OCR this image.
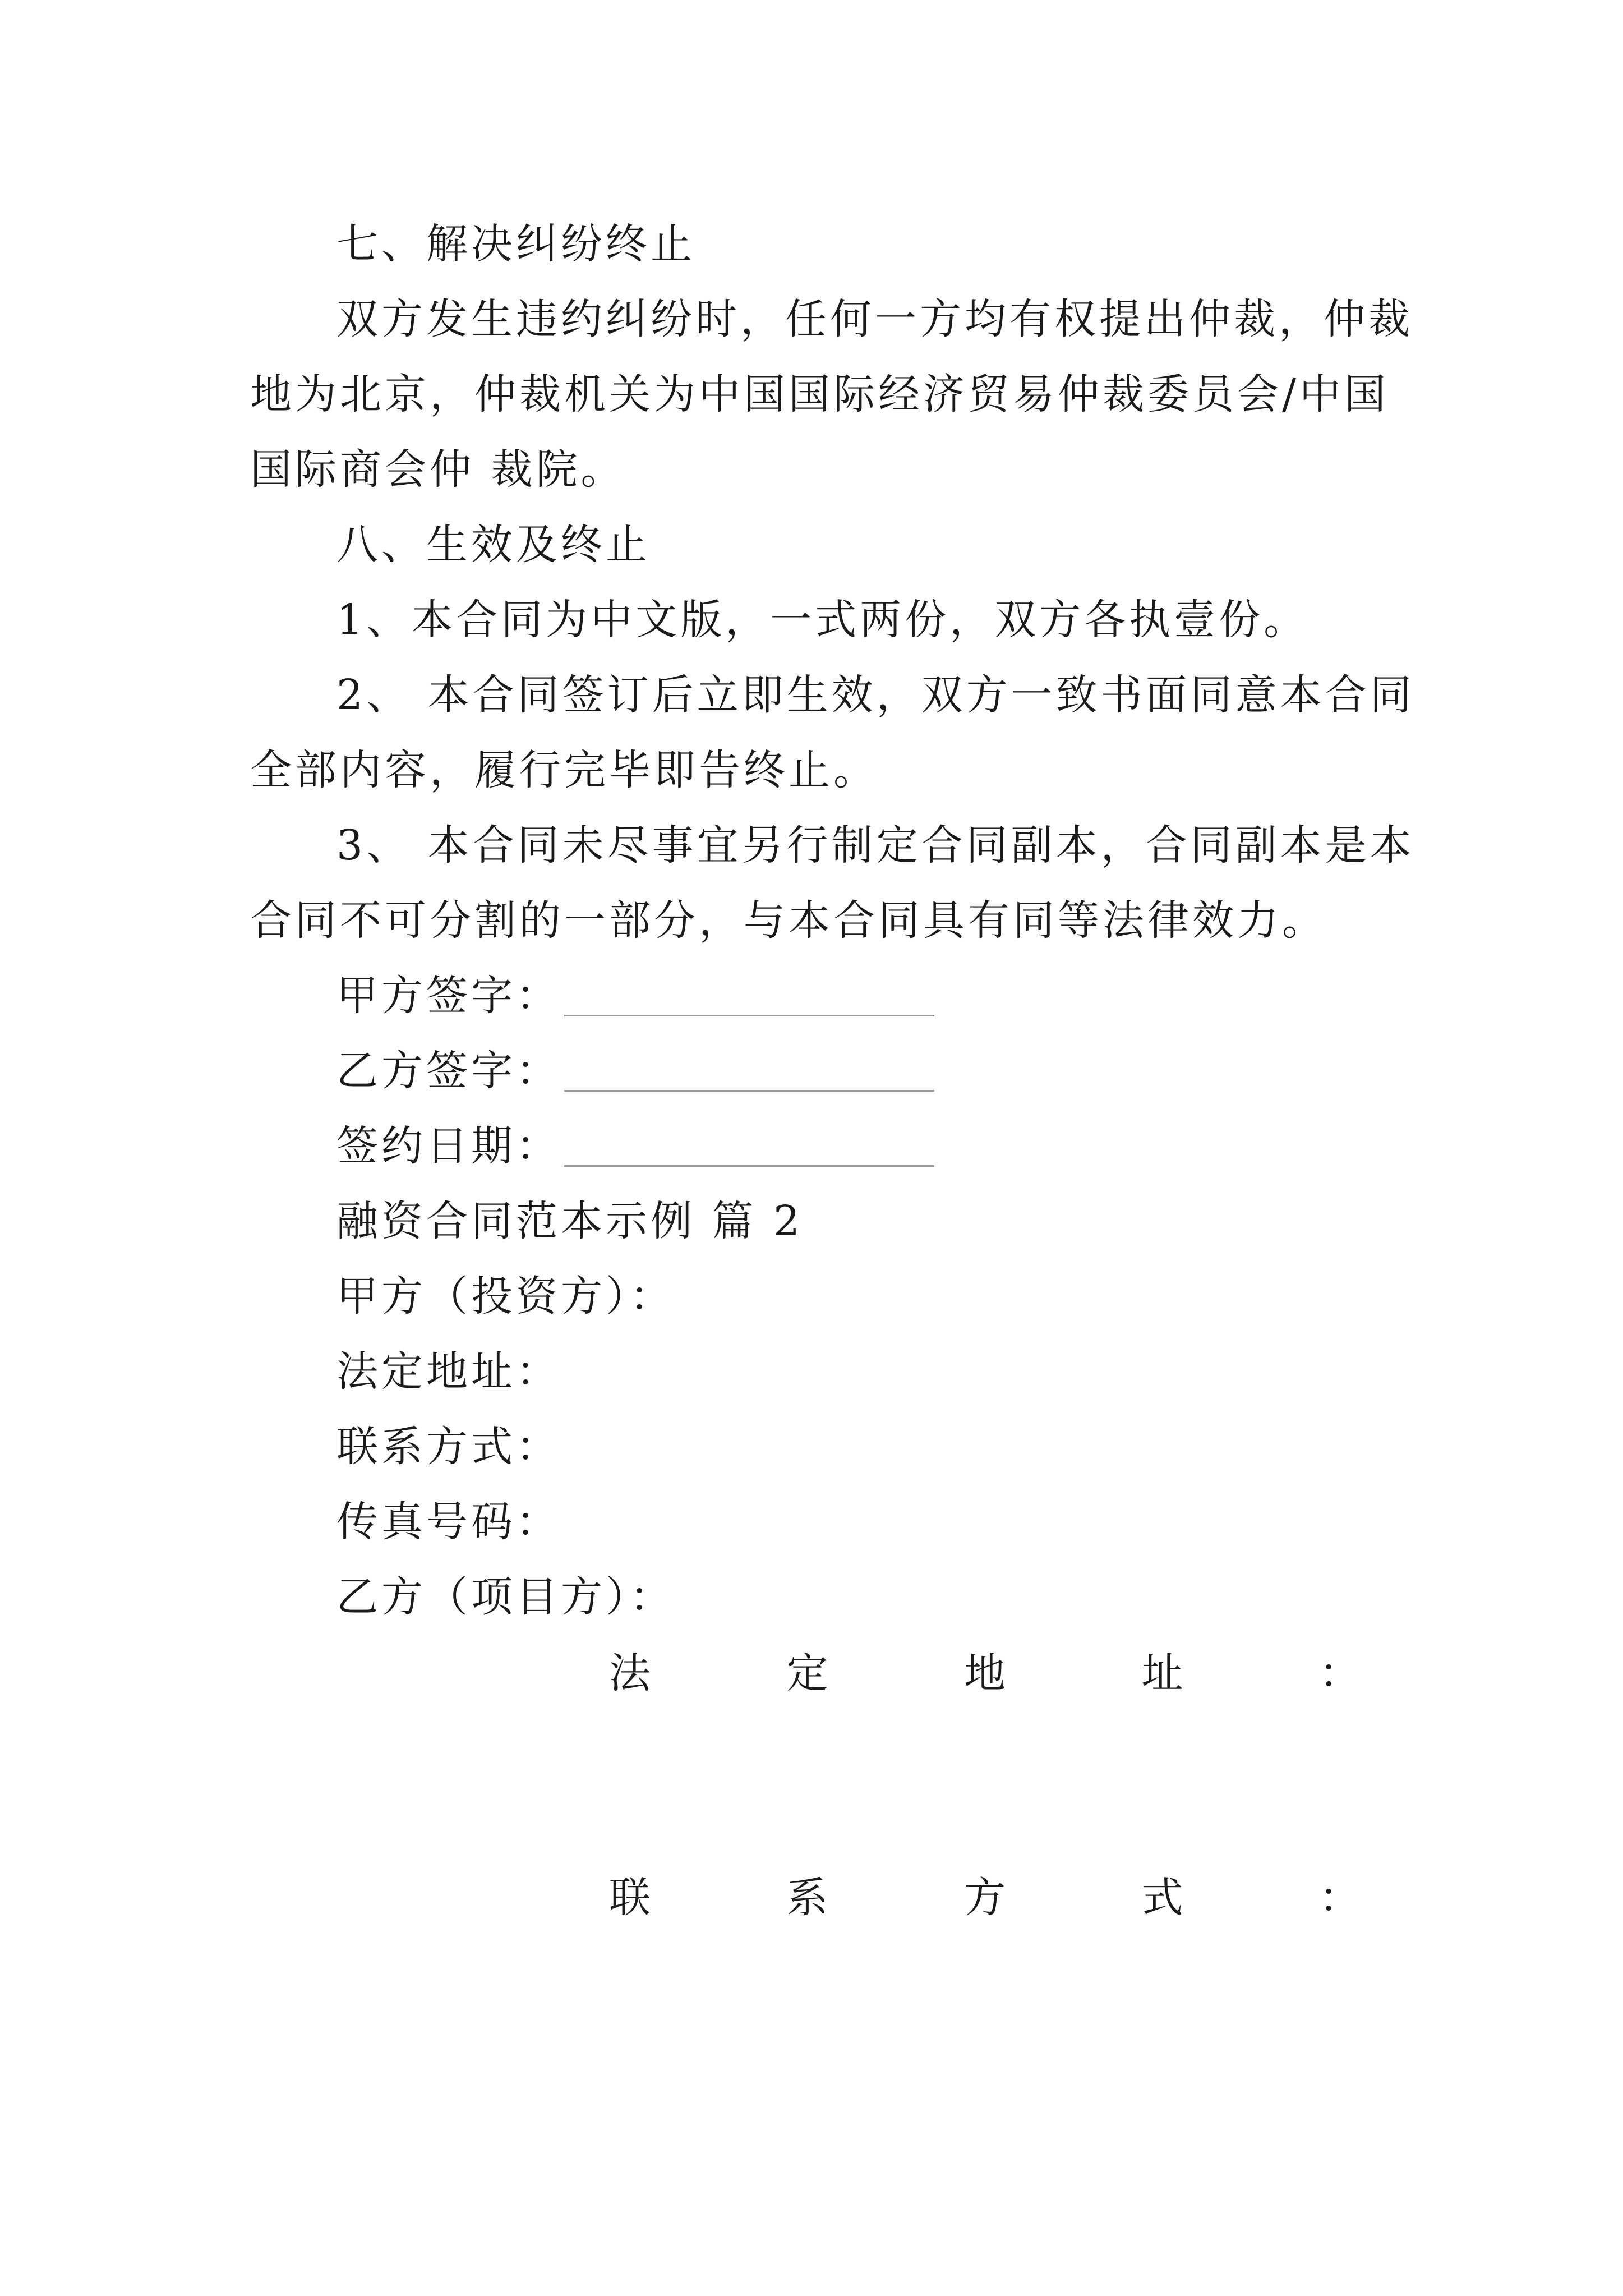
七、解决纠纷终止
双方发生违约纠纷时，任何一方均有权提出仲裁，仲裁
地为北京，仲裁机关为中国国际经济贸易仲裁委员会/中国
国际商会仲 裁院。
八、生效及终止
1、本合同为中文版，一式两份，双方各执壹份。
2、 本合同签订后立即生效，双方一致书面同意本合同
全部内容，履行完毕即告终止。
3、 本合同未尽事宜另行制定合同副本，合同副本是本
合同不可分割的一部分，与本合同具有同等法律效力。
甲方签字：
乙方签字：
签约日期：
融资合同范本示例 篇 2
甲方（投资方）：
法定地址：
联系方式：
传真号码：
乙方（项目方）：
法	定	地	址	：
联	系	方	式	：
